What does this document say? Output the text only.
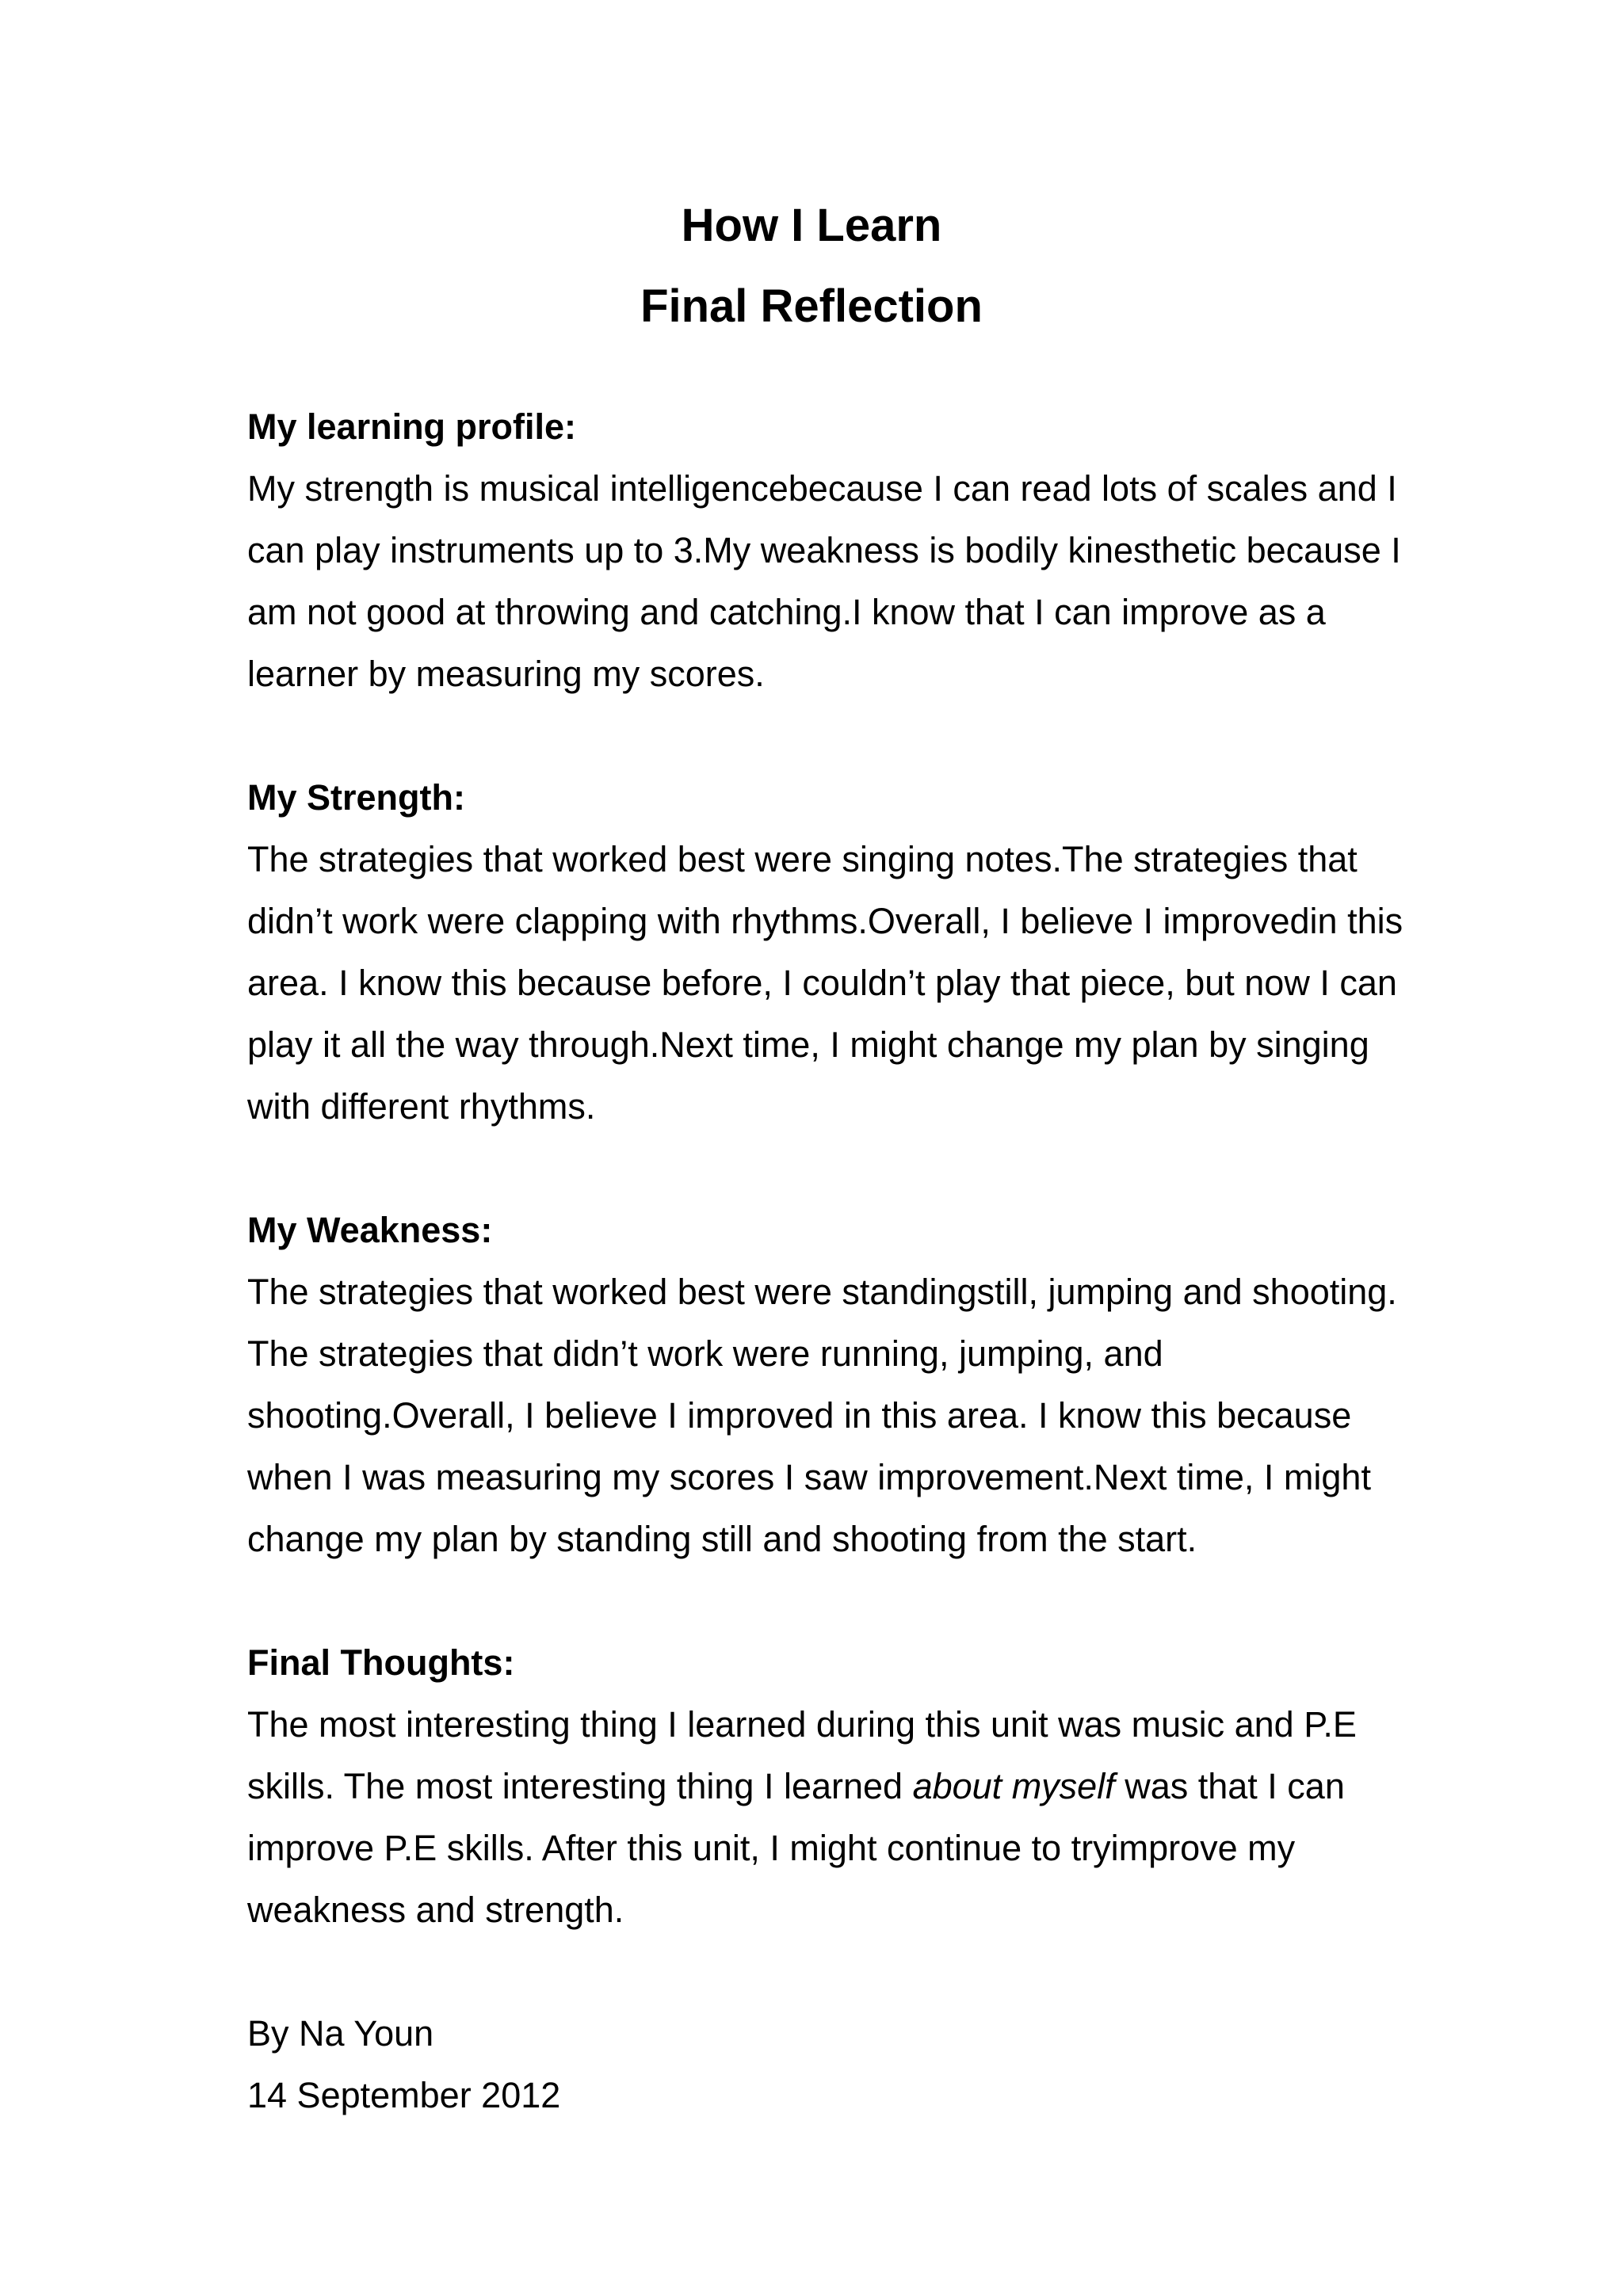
How I Learn

Final Reflection

My learning profile:

My strength is musical intelligencebecause I can read lots of scales and I can play instruments up to 3.My weakness is bodily kinesthetic because I am not good at throwing and catching.I know that I can improve as a learner by measuring my scores.

My Strength:

The strategies that worked best were singing notes.The strategies that didn’t work were clapping with rhythms.Overall, I believe I improvedin this area. I know this because before, I couldn’t play that piece, but now I can play it all the way through.Next time, I might change my plan by singing with different rhythms.

My Weakness:

The strategies that worked best were standingstill, jumping and shooting.

The strategies that didn’t work were running, jumping, and shooting.Overall, I believe I improved in this area. I know this because when I was measuring my scores I saw improvement.Next time, I might change my plan by standing still and shooting from the start.

Final Thoughts:

The most interesting thing I learned during this unit was music and P.E skills. The most interesting thing I learned about myself was that I can improve P.E skills. After this unit, I might continue to tryimprove my weakness and strength.

By Na Youn

14 September 2012
